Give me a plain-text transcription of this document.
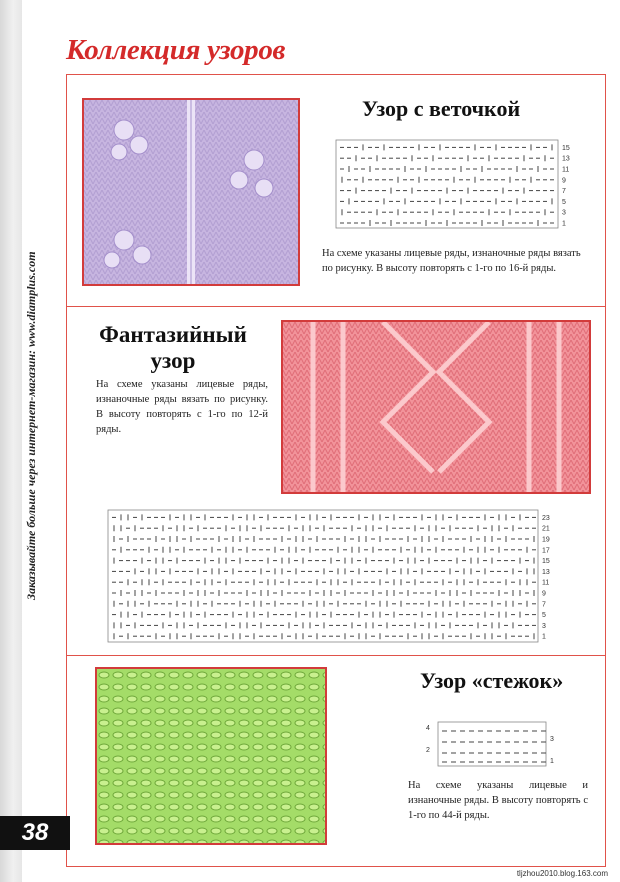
Коллекция узоров
Заказывайте больше через интернет-магазин: www.diamplus.com
Узор с веточкой
15
13
11
9
7
5
3
1
На схеме указаны лицевые ряды, изнаночные ряды вязать по рисунку. В высоту повторять с 1-го по 16-й ряды.
Фантазийный узор
На схеме указаны лицевые ряды, изнаночные ряды вязать по рисунку. В высоту повторять с 1-го по 12-й ряды.
23
21
19
17
15
13
11
9
7
5
3
1
Узор «стежок»
4
2
3
1
На схеме указаны лицевые и изнаночные ряды. В высоту повторять с 1-го по 44-й ряды.
38
tljzhou2010.blog.163.com
